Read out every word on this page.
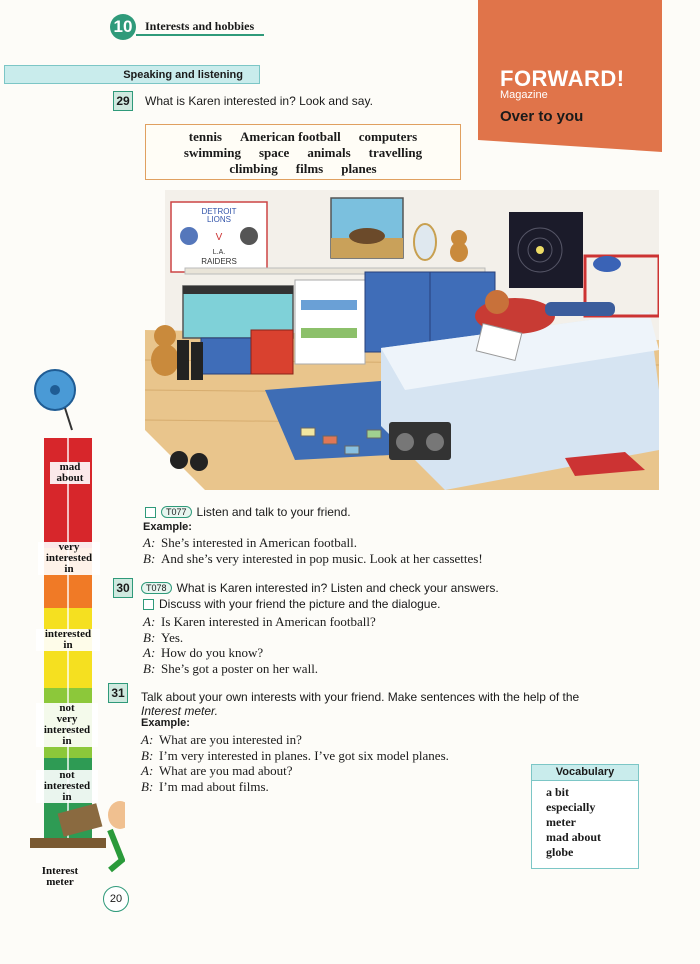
10 Interests and hobbies
FORWARD!
Magazine
Over to you
Speaking and listening
29 What is Karen interested in? Look and say.
tennis American football computers
swimming space animals travelling
climbing films planes
DETROIT
LIONS
V
L.A.
RAIDERS
T077 Listen and talk to your friend.
Example:
A: She’s interested in American football.
B: And she’s very interested in pop music. Look at her cassettes!
30	T078 What is Karen interested in? Listen and check your answers.
Discuss with your friend the picture and the dialogue.
A: Is Karen interested in American football?
B: Yes.
A: How do you know?
B: She’s got a poster on her wall.
31 Talk about your own interests with your friend. Make sentences with the help of the
Interest meter.
Example:
A: What are you interested in?
B: I’m very interested in planes. I’ve got six model planes.
A: What are you mad about?
B: I’m mad about films.
Vocabulary
a bit
especially
meter
mad about
globe
mad
about
very
interested
in
interested
in
not
very
interested
in
not
interested
in
Interest
meter
20
